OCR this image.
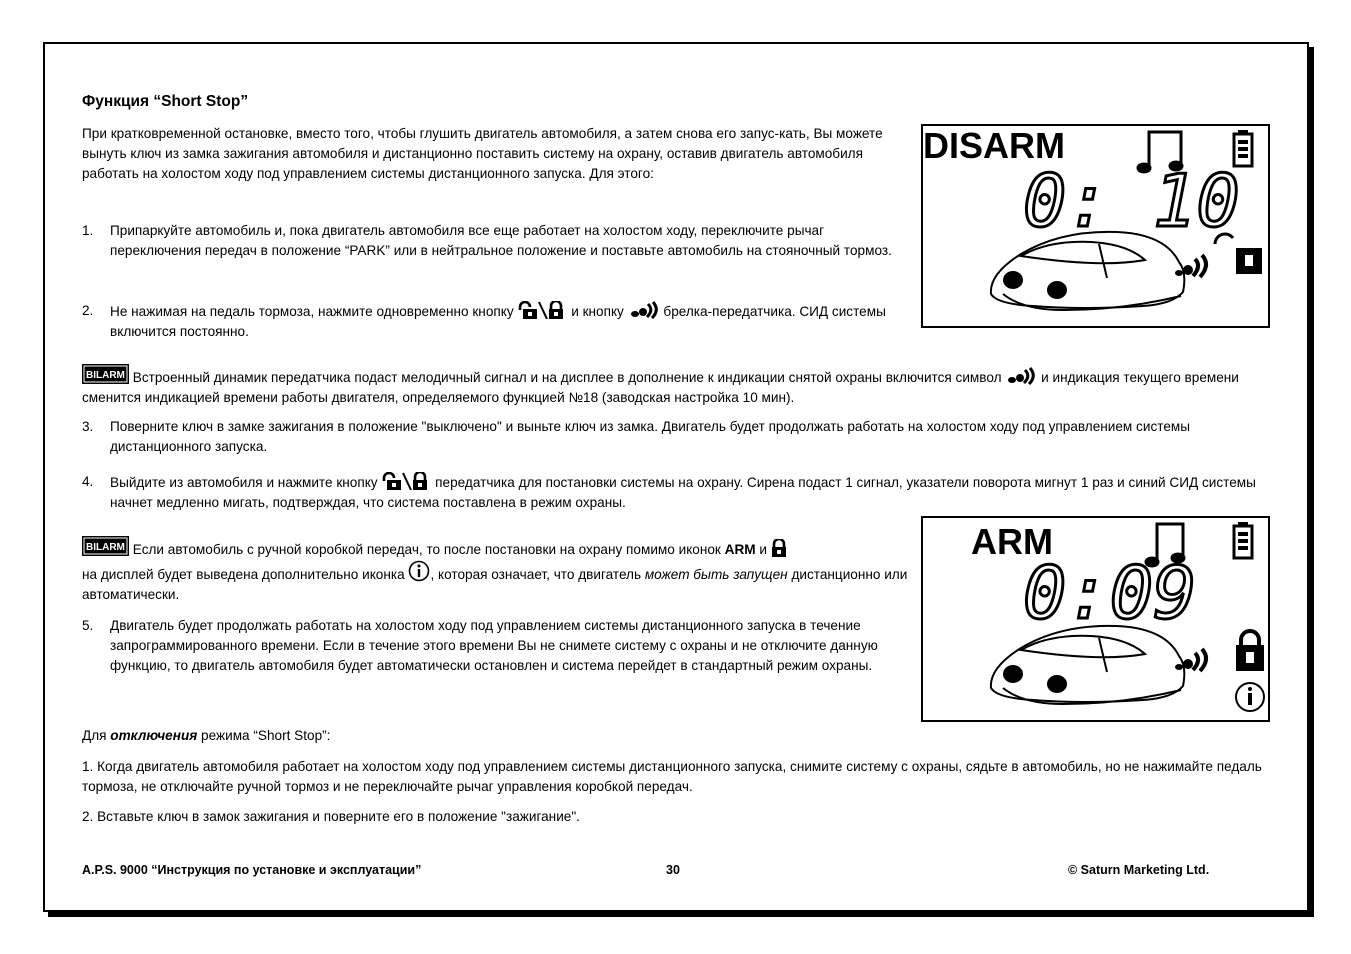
Функция “Short Stop”

При кратковременной остановке, вместо того, чтобы глушить двигатель автомобиля, а затем снова его запус-кать, Вы можете вынуть ключ из замка зажигания автомобиля и дистанционно поставить систему на охрану, оставив двигатель автомобиля работать на холостом ходу под управлением системы дистанционного запуска. Для этого:

1. Припаркуйте автомобиль и, пока двигатель автомобиля все еще работает на холостом ходу, переключите рычаг переключения передач в положение “PARK” или в нейтральное положение и поставьте автомобиль на стояночный тормоз.
2. Не нажимая на педаль тормоза, нажмите одновременно кнопку	и кнопку	брелка-передатчика. СИД системы включится постоянно.
DISARM
0: 10

BILARM Встроенный динамик передатчика подаст мелодичный сигнал и на дисплее в дополнение к индикации снятой охраны включится символ	и индикация текущего времени сменится индикацией времени работы двигателя, определяемого функцией №18 (заводская настройка 10 мин).

3. Поверните ключ в замке зажигания в положение "выключено" и выньте ключ из замка. Двигатель будет продолжать работать на холостом ходу под управлением системы дистанционного запуска.
4. Выйдите из автомобиля и нажмите кнопку	передатчика для постановки системы на охрану. Сирена подаст 1 сигнал, указатели поворота мигнут 1 раз и синий СИД системы начнет медленно мигать, подтверждая, что система поставлена в режим охраны.

BILARM Если автомобиль с ручной коробкой передач, то после постановки на охрану помимо иконок ARM и
на дисплей будет выведена дополнительно иконка , которая означает, что двигатель может быть запущен дистанционно или автоматически.

5. Двигатель будет продолжать работать на холостом ходу под управлением системы дистанционного запуска в течение запрограммированного времени. Если в течение этого времени Вы не снимете систему с охраны и не отключите данную функцию, то двигатель автомобиля будет автоматически остановлен и система перейдет в стандартный режим охраны.
ARM
0:09

Для отключения режима “Short Stop”:

1. Когда двигатель автомобиля работает на холостом ходу под управлением системы дистанционного запуска, снимите систему с охраны, сядьте в автомобиль, но не нажимайте педаль тормоза, не отключайте ручной тормоз и не переключайте рычаг управления коробкой передач.

2. Вставьте ключ в замок зажигания и поверните его в положение "зажигание".

A.P.S. 9000 “Инструкция по установке и эксплуатации”	30	© Saturn Marketing Ltd.
